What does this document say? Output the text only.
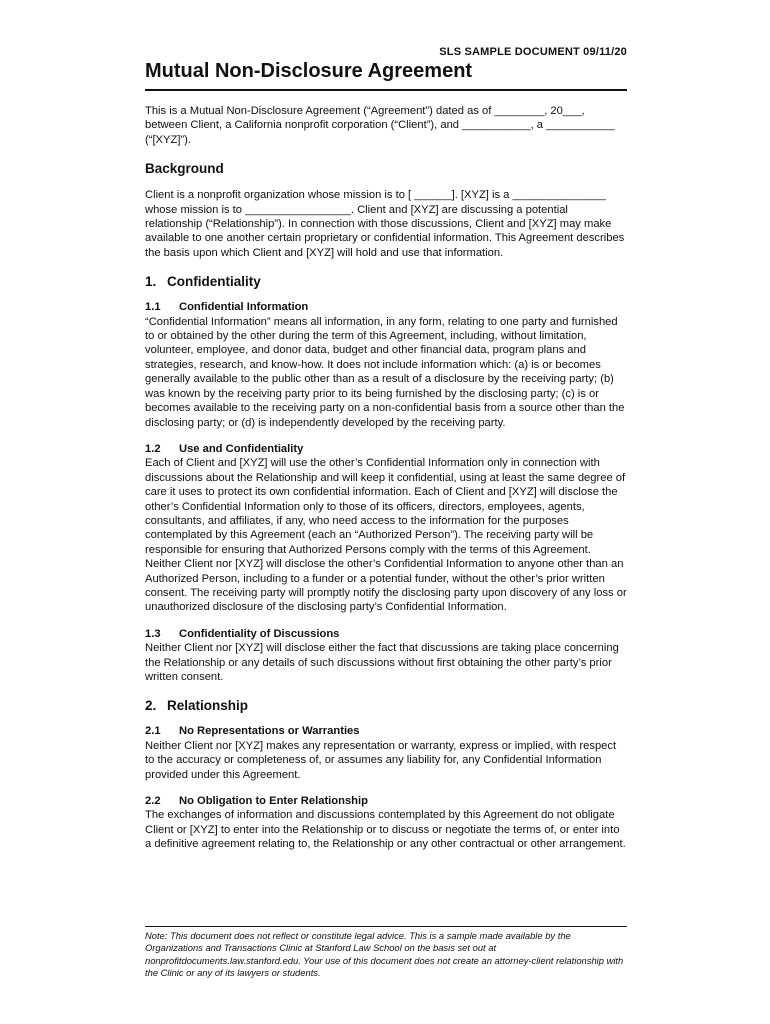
SLS SAMPLE DOCUMENT 09/11/20
Mutual Non-Disclosure Agreement

This is a Mutual Non-Disclosure Agreement (“Agreement”) dated as of ________, 20___, between Client, a California nonprofit corporation (“Client”), and ___________, a ___________ (“[XYZ]”).

Background

Client is a nonprofit organization whose mission is to [ ______]. [XYZ] is a _______________ whose mission is to _________________. Client and [XYZ] are discussing a potential relationship (“Relationship”). In connection with those discussions, Client and [XYZ] may make available to one another certain proprietary or confidential information. This Agreement describes the basis upon which Client and [XYZ] will hold and use that information.

1. Confidentiality
1.1	Confidential Information

“Confidential Information” means all information, in any form, relating to one party and furnished to or obtained by the other during the term of this Agreement, including, without limitation, volunteer, employee, and donor data, budget and other financial data, program plans and strategies, research, and know-how. It does not include information which: (a) is or becomes generally available to the public other than as a result of a disclosure by the receiving party; (b) was known by the receiving party prior to its being furnished by the disclosing party; (c) is or becomes available to the receiving party on a non-confidential basis from a source other than the disclosing party; or (d) is independently developed by the receiving party.

1.2	Use and Confidentiality

Each of Client and [XYZ] will use the other’s Confidential Information only in connection with discussions about the Relationship and will keep it confidential, using at least the same degree of care it uses to protect its own confidential information. Each of Client and [XYZ] will disclose the other’s Confidential Information only to those of its officers, directors, employees, agents, consultants, and affiliates, if any, who need access to the information for the purposes contemplated by this Agreement (each an “Authorized Person”). The receiving party will be responsible for ensuring that Authorized Persons comply with the terms of this Agreement. Neither Client nor [XYZ] will disclose the other’s Confidential Information to anyone other than an Authorized Person, including to a funder or a potential funder, without the other’s prior written consent. The receiving party will promptly notify the disclosing party upon discovery of any loss or unauthorized disclosure of the disclosing party’s Confidential Information.

1.3	Confidentiality of Discussions

Neither Client nor [XYZ] will disclose either the fact that discussions are taking place concerning the Relationship or any details of such discussions without first obtaining the other party’s prior written consent.

2. Relationship
2.1	No Representations or Warranties

Neither Client nor [XYZ] makes any representation or warranty, express or implied, with respect to the accuracy or completeness of, or assumes any liability for, any Confidential Information provided under this Agreement.

2.2	No Obligation to Enter Relationship

The exchanges of information and discussions contemplated by this Agreement do not obligate Client or [XYZ] to enter into the Relationship or to discuss or negotiate the terms of, or enter into a definitive agreement relating to, the Relationship or any other contractual or other arrangement.

Note: This document does not reflect or constitute legal advice. This is a sample made available by the Organizations and Transactions Clinic at Stanford Law School on the basis set out at nonprofitdocuments.law.stanford.edu. Your use of this document does not create an attorney-client relationship with the Clinic or any of its lawyers or students.
